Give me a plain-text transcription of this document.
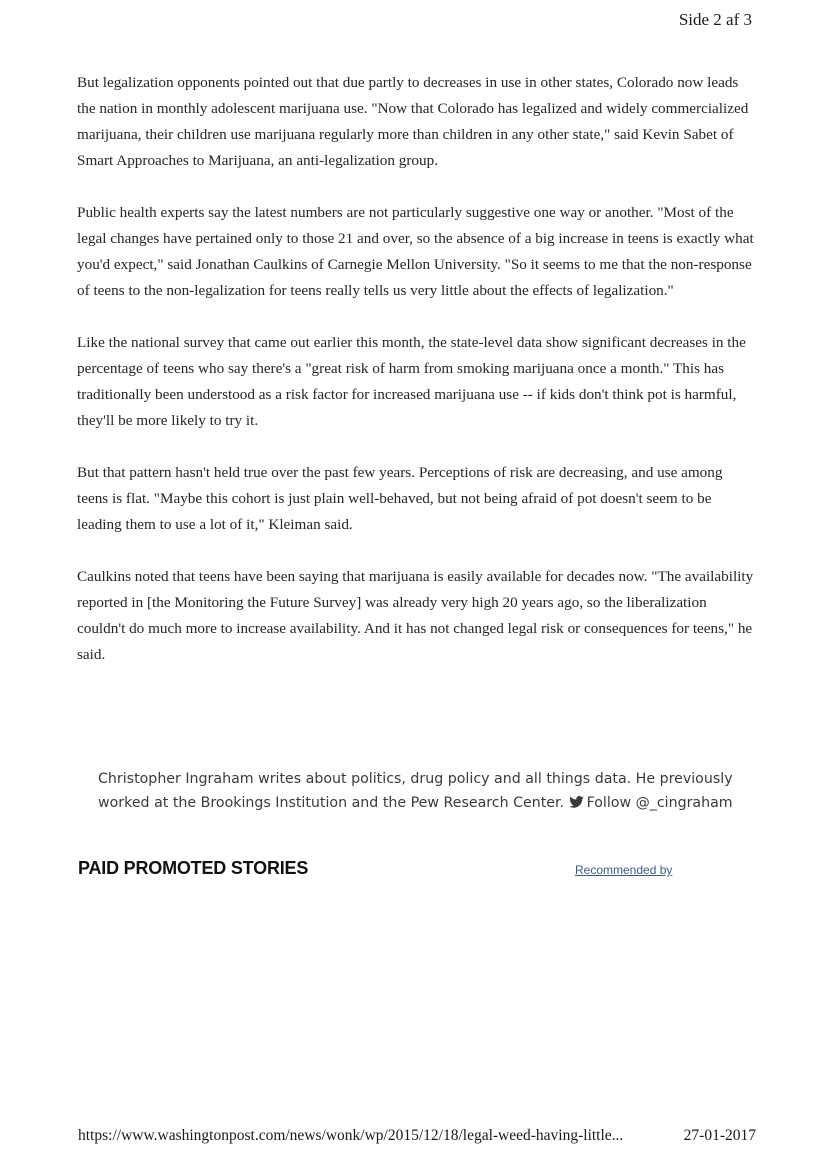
Side 2 af 3

But legalization opponents pointed out that due partly to decreases in use in other states, Colorado now leads the nation in monthly adolescent marijuana use. "Now that Colorado has legalized and widely commercialized marijuana, their children use marijuana regularly more than children in any other state," said Kevin Sabet of Smart Approaches to Marijuana, an anti-legalization group.

Public health experts say the latest numbers are not particularly suggestive one way or another. "Most of the legal changes have pertained only to those 21 and over, so the absence of a big increase in teens is exactly what you'd expect," said Jonathan Caulkins of Carnegie Mellon University. "So it seems to me that the non-response of teens to the non-legalization for teens really tells us very little about the effects of legalization."

Like the national survey that came out earlier this month, the state-level data show significant decreases in the percentage of teens who say there's a "great risk of harm from smoking marijuana once a month." This has traditionally been understood as a risk factor for increased marijuana use -- if kids don't think pot is harmful, they'll be more likely to try it.

But that pattern hasn't held true over the past few years. Perceptions of risk are decreasing, and use among teens is flat. "Maybe this cohort is just plain well-behaved, but not being afraid of pot doesn't seem to be leading them to use a lot of it," Kleiman said.

Caulkins noted that teens have been saying that marijuana is easily available for decades now. "The availability reported in [the Monitoring the Future Survey] was already very high 20 years ago, so the liberalization couldn't do much more to increase availability. And it has not changed legal risk or consequences for teens," he said.

Christopher Ingraham writes about politics, drug policy and all things data. He previously worked at the Brookings Institution and the Pew Research Center. Follow @_cingraham
PAID PROMOTED STORIES	Recommended by
https://www.washingtonpost.com/news/wonk/wp/2015/12/18/legal-weed-having-little...	27-01-2017
